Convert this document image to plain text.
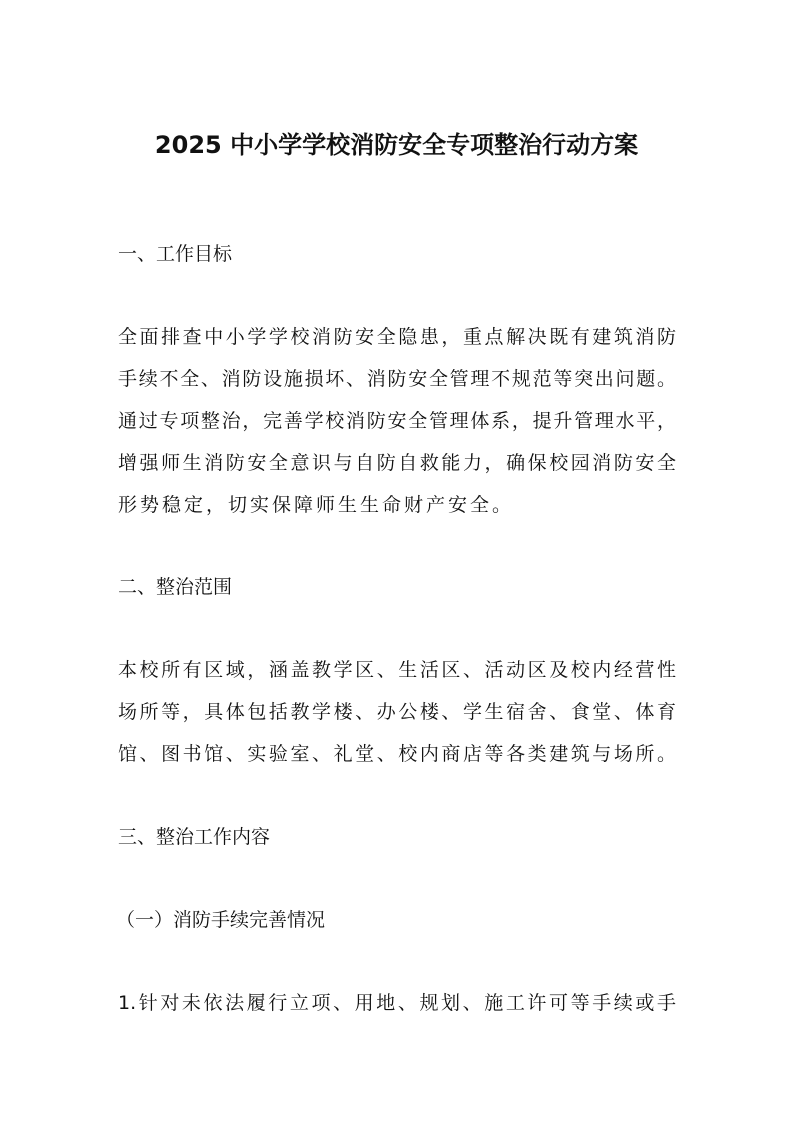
2025 中小学学校消防安全专项整治行动方案
一、工作目标
全面排查中小学学校消防安全隐患，重点解决既有建筑消防
手续不全、消防设施损坏、消防安全管理不规范等突出问题。
通过专项整治，完善学校消防安全管理体系，提升管理水平，
增强师生消防安全意识与自防自救能力，确保校园消防安全
形势稳定，切实保障师生生命财产安全。
二、整治范围
本校所有区域，涵盖教学区、生活区、活动区及校内经营性
场所等，具体包括教学楼、办公楼、学生宿舍、食堂、体育
馆、图书馆、实验室、礼堂、校内商店等各类建筑与场所。
三、整治工作内容
（一）消防手续完善情况
1.针对未依法履行立项、用地、规划、施工许可等手续或手
